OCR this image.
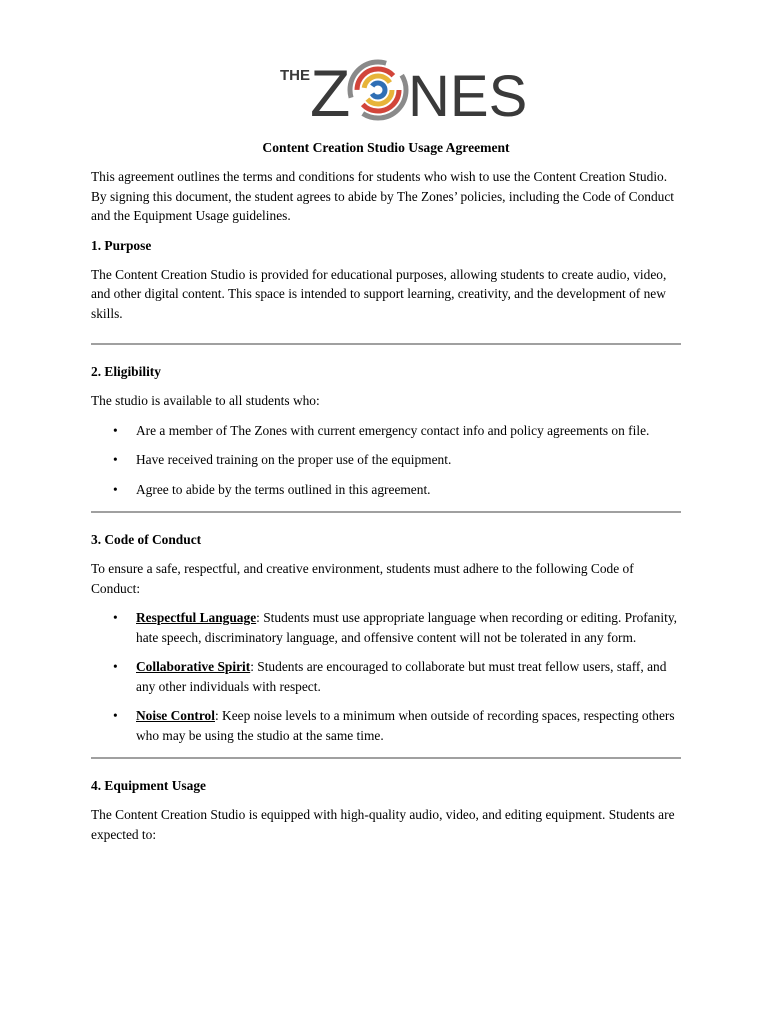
THE Z NES
Content Creation Studio Usage Agreement

This agreement outlines the terms and conditions for students who wish to use the Content Creation Studio. By signing this document, the student agrees to abide by The Zones’ policies, including the Code of Conduct and the Equipment Usage guidelines.

1. Purpose

The Content Creation Studio is provided for educational purposes, allowing students to create audio, video, and other digital content. This space is intended to support learning, creativity, and the development of new skills.

2. Eligibility

The studio is available to all students who:

• Are a member of The Zones with current emergency contact info and policy agreements on file.
• Have received training on the proper use of the equipment.
• Agree to abide by the terms outlined in this agreement.
3. Code of Conduct

To ensure a safe, respectful, and creative environment, students must adhere to the following Code of Conduct:

• Respectful Language: Students must use appropriate language when recording or editing. Profanity, hate speech, discriminatory language, and offensive content will not be tolerated in any form.
• Collaborative Spirit: Students are encouraged to collaborate but must treat fellow users, staff, and any other individuals with respect.
• Noise Control: Keep noise levels to a minimum when outside of recording spaces, respecting others who may be using the studio at the same time.
4. Equipment Usage

The Content Creation Studio is equipped with high-quality audio, video, and editing equipment. Students are expected to:
